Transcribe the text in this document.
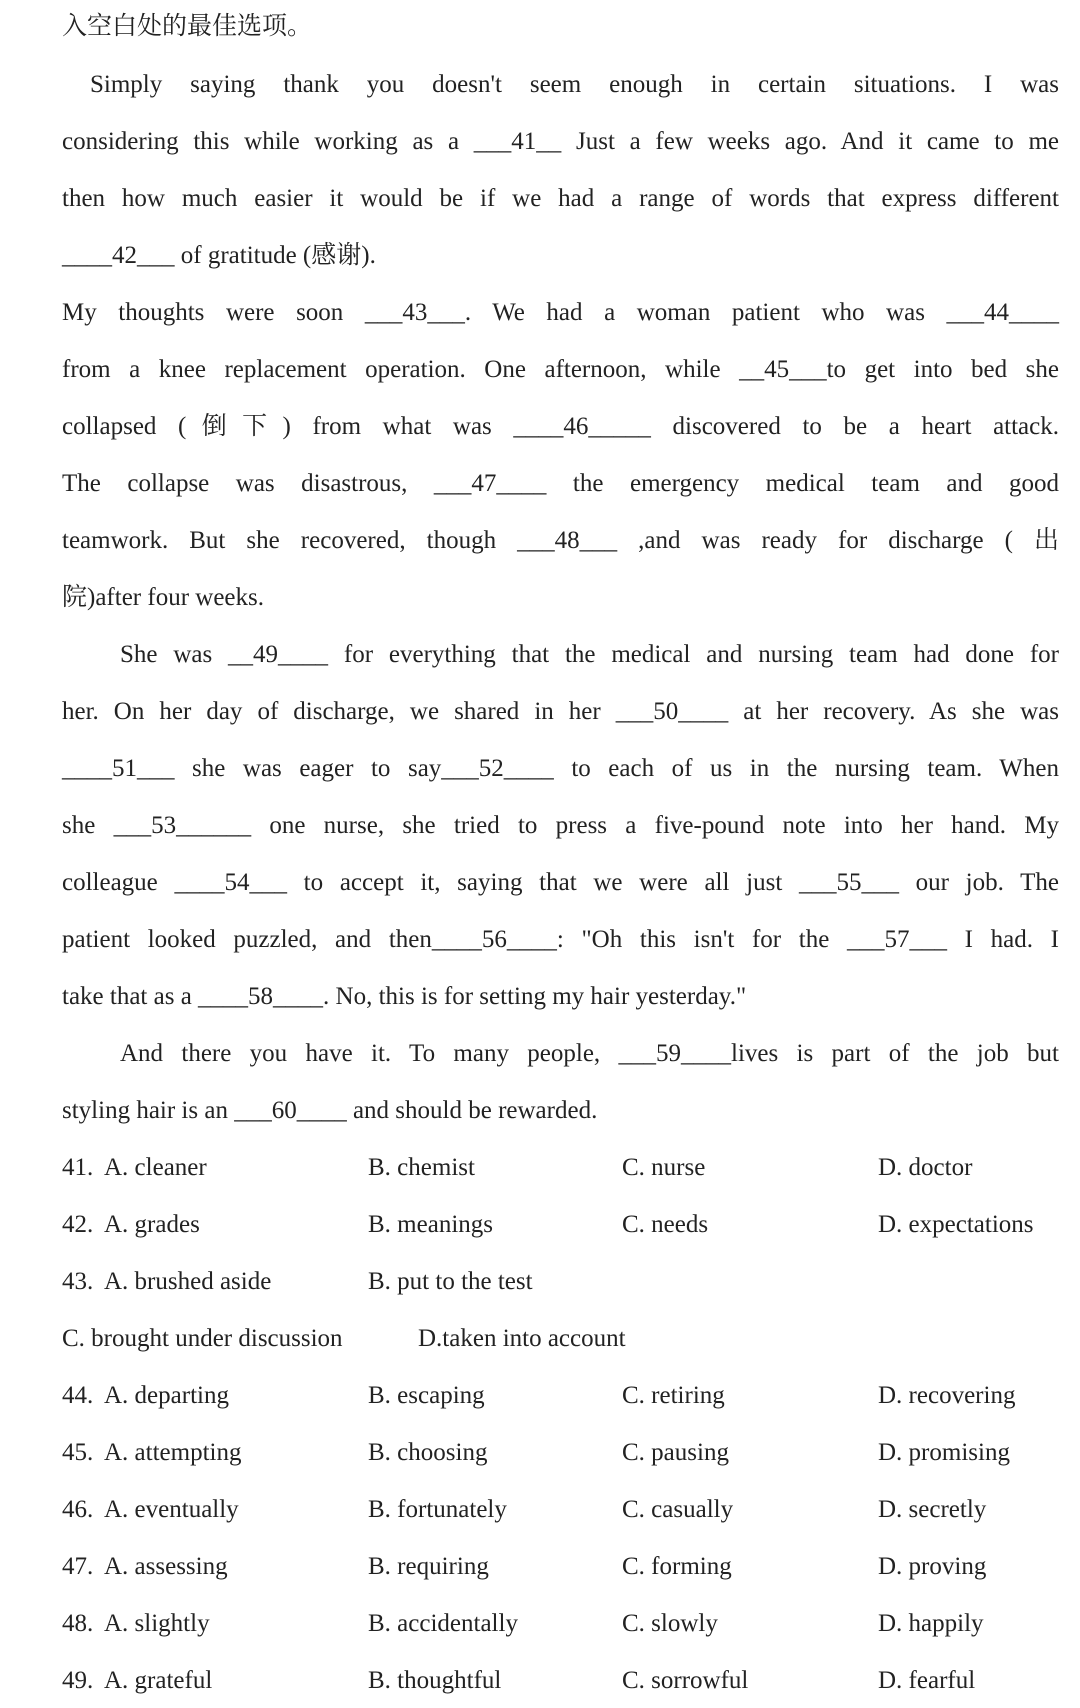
入空白处的最佳选项。
Simply saying thank you doesn't seem enough in certain situations. I was
considering this while working as a ___41__ Just a few weeks ago. And it came to me
then how much easier it would be if we had a range of words that express different
____42___ of gratitude (感谢).
My thoughts were soon ___43___. We had a woman patient who was ___44____
from a knee replacement operation. One afternoon, while __45___to get into bed she
collapsed (倒下) from what was ____46_____ discovered to be a heart attack.
The collapse was disastrous, ___47____ the emergency medical team and good
teamwork. But she recovered, though ___48___ ,and was ready for discharge ( 出
院)after four weeks.
She was __49____ for everything that the medical and nursing team had done for
her. On her day of discharge, we shared in her ___50____ at her recovery. As she was
____51___ she was eager to say___52____ to each of us in the nursing team. When
she ___53______ one nurse, she tried to press a five-pound note into her hand. My
colleague ____54___ to accept it, saying that we were all just ___55___ our job. The
patient looked puzzled, and then____56____: "Oh this isn't for the ___57___ I had. I
take that as a ____58____. No, this is for setting my hair yesterday."
And there you have it. To many people, ___59____lives is part of the job but
styling hair is an ___60____ and should be rewarded.
41. A. cleaner	B. chemist	C. nurse	D. doctor
42. A. grades	B. meanings	C. needs	D. expectations
43. A. brushed aside	B. put to the test
C. brought under discussion	D.taken into account
44. A. departing	B. escaping	C. retiring	D. recovering
45. A. attempting	B. choosing	C. pausing	D. promising
46. A. eventually	B. fortunately	C. casually	D. secretly
47. A. assessing	B. requiring	C. forming	D. proving
48. A. slightly	B. accidentally	C. slowly	D. happily
49. A. grateful	B. thoughtful	C. sorrowful	D. fearful
